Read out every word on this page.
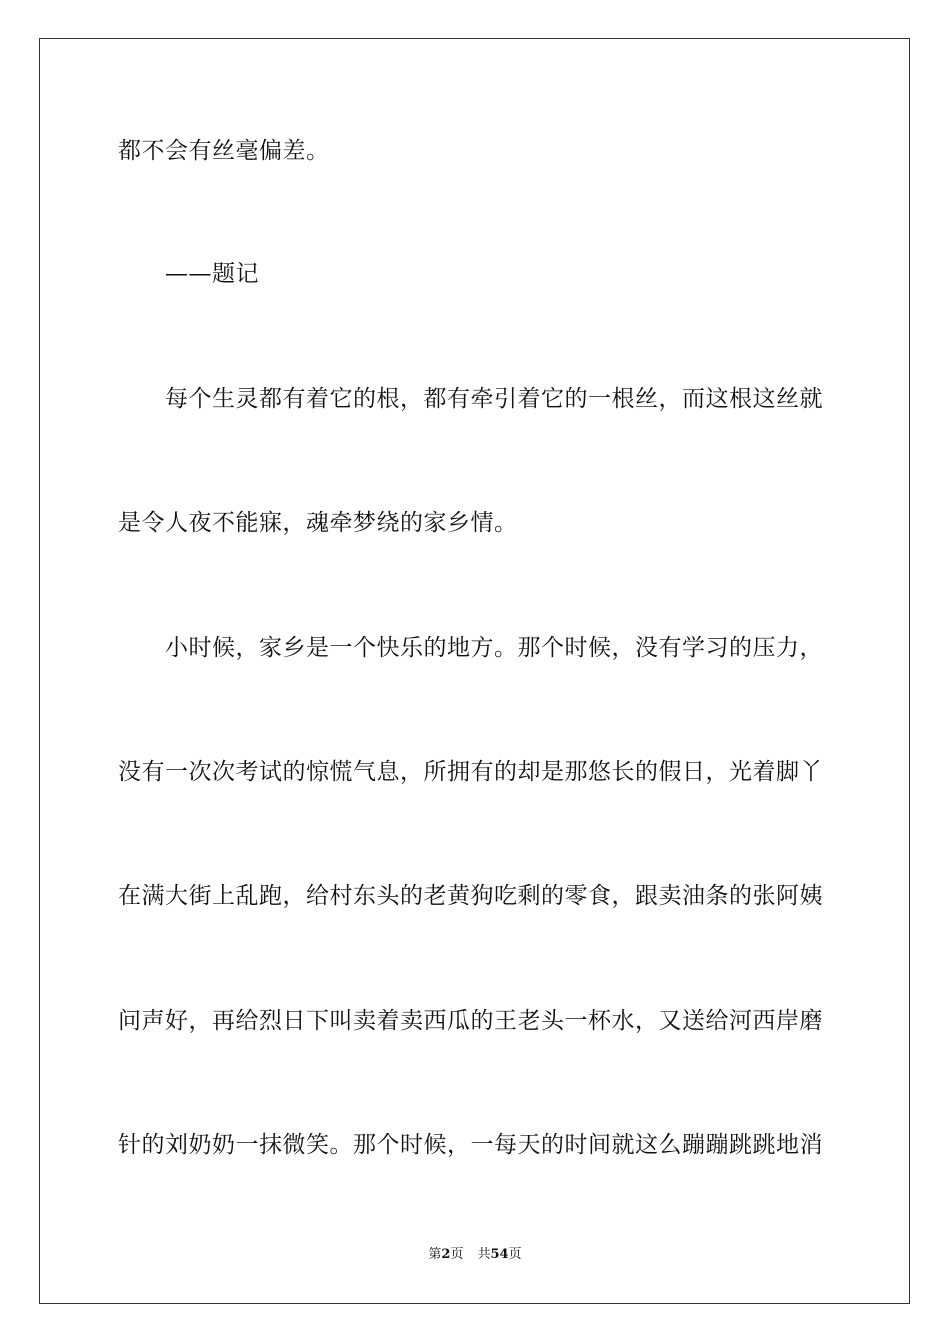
都不会有丝毫偏差。
——题记
每个生灵都有着它的根，都有牵引着它的一根丝，而这根这丝就
是令人夜不能寐，魂牵梦绕的家乡情。
小时候，家乡是一个快乐的地方。那个时候，没有学习的压力，
没有一次次考试的惊慌气息，所拥有的却是那悠长的假日，光着脚丫
在满大街上乱跑，给村东头的老黄狗吃剩的零食，跟卖油条的张阿姨
问声好，再给烈日下叫卖着卖西瓜的王老头一杯水，又送给河西岸磨
针的刘奶奶一抹微笑。那个时候，一每天的时间就这么蹦蹦跳跳地消
第2页 共54页
